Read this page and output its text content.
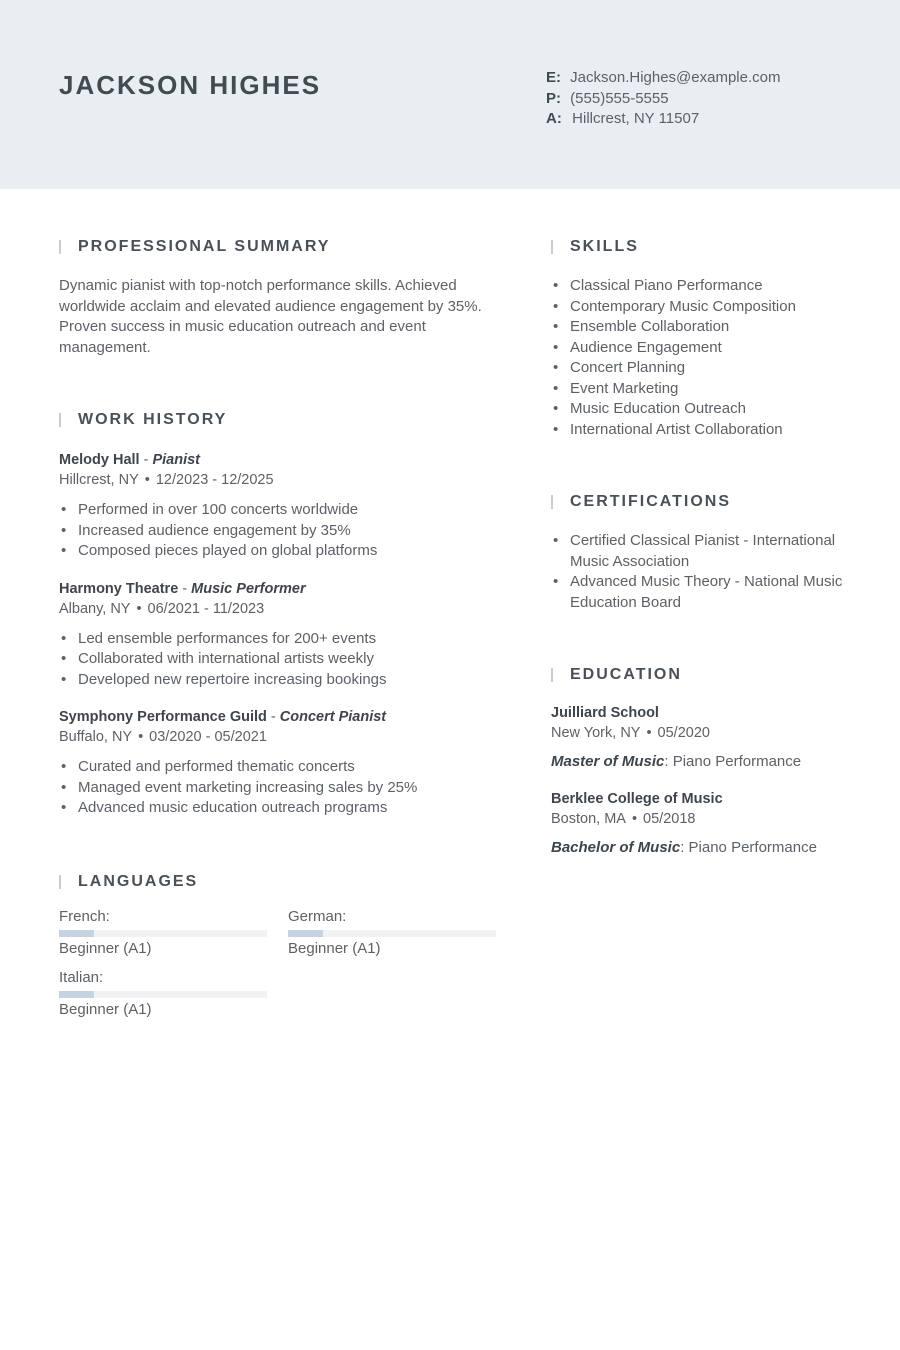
JACKSON HIGHES	E: Jackson.Highes@example.com
P: (555)555-5555
A: Hillcrest, NY 11507
PROFESSIONAL SUMMARY

Dynamic pianist with top-notch performance skills. Achieved worldwide acclaim and elevated audience engagement by 35%. Proven success in music education outreach and event management.

WORK HISTORY
Melody Hall - Pianist
Hillcrest, NY • 12/2023 - 12/2025
• Performed in over 100 concerts worldwide
• Increased audience engagement by 35%
• Composed pieces played on global platforms
Harmony Theatre - Music Performer
Albany, NY • 06/2021 - 11/2023
• Led ensemble performances for 200+ events
• Collaborated with international artists weekly
• Developed new repertoire increasing bookings
Symphony Performance Guild - Concert Pianist
Buffalo, NY • 03/2020 - 05/2021
• Curated and performed thematic concerts
• Managed event marketing increasing sales by 25%
• Advanced music education outreach programs
LANGUAGES
French:
Beginner (A1)
German:
Beginner (A1)
Italian:
Beginner (A1)
SKILLS
• Classical Piano Performance
• Contemporary Music Composition
• Ensemble Collaboration
• Audience Engagement
• Concert Planning
• Event Marketing
• Music Education Outreach
• International Artist Collaboration
CERTIFICATIONS
• Certified Classical Pianist - International Music Association
• Advanced Music Theory - National Music Education Board
EDUCATION
Juilliard School
New York, NY • 05/2020
Master of Music: Piano Performance
Berklee College of Music
Boston, MA • 05/2018
Bachelor of Music: Piano Performance
